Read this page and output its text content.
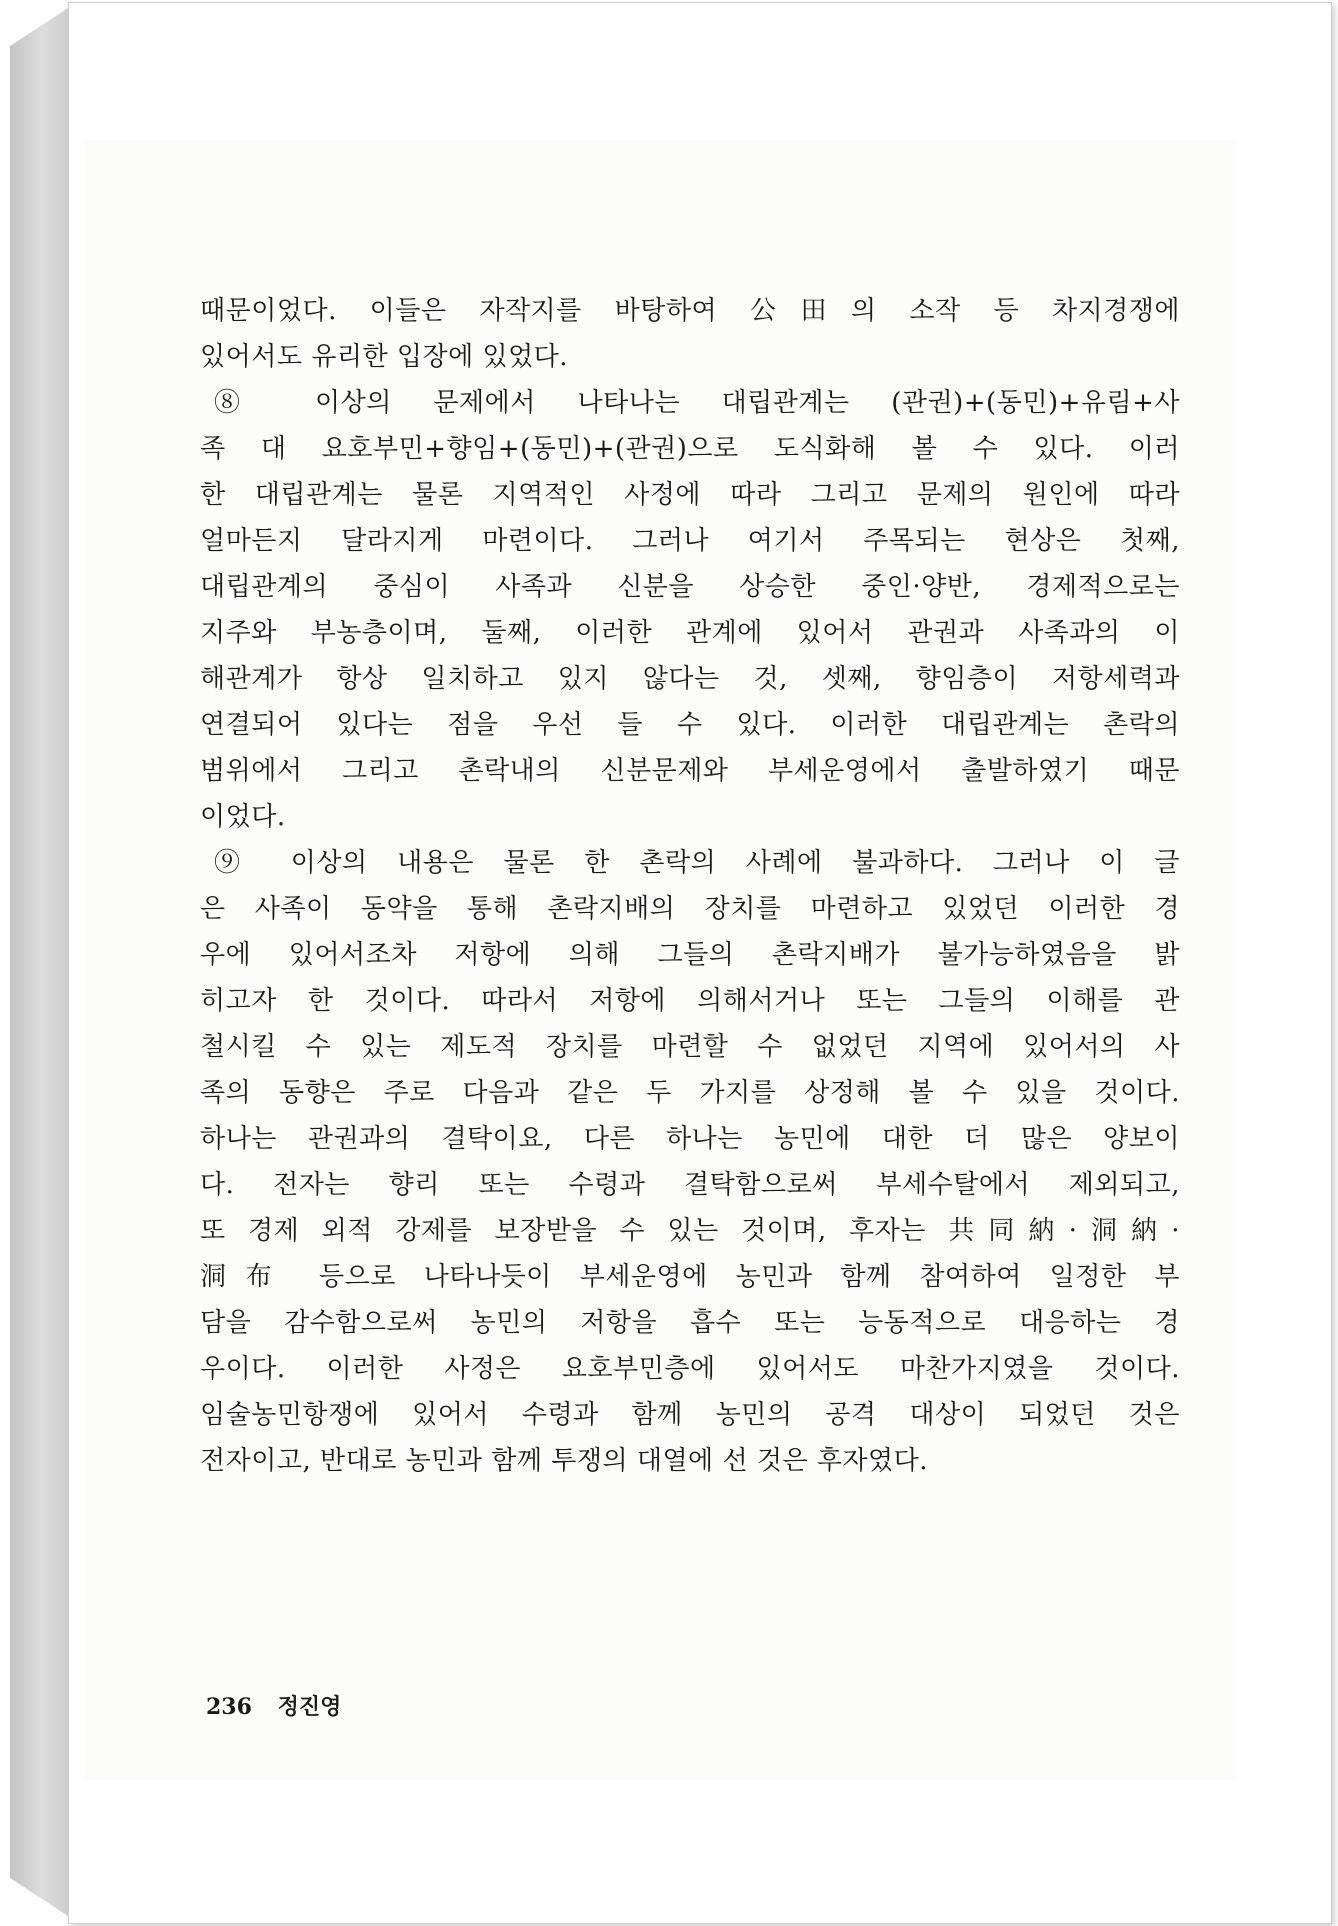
때문이었다. 이들은 자작지를 바탕하여 公田의 소작 등 차지경쟁에
있어서도 유리한 입장에 있었다.
⑧ 이상의 문제에서 나타나는 대립관계는 (관권)+(동민)+유림+사
족 대 요호부민+향임+(동민)+(관권)으로 도식화해 볼 수 있다. 이러
한 대립관계는 물론 지역적인 사정에 따라 그리고 문제의 원인에 따라
얼마든지 달라지게 마련이다. 그러나 여기서 주목되는 현상은 첫째,
대립관계의 중심이 사족과 신분을 상승한 중인·양반, 경제적으로는
지주와 부농층이며, 둘째, 이러한 관계에 있어서 관권과 사족과의 이
해관계가 항상 일치하고 있지 않다는 것, 셋째, 향임층이 저항세력과
연결되어 있다는 점을 우선 들 수 있다. 이러한 대립관계는 촌락의
범위에서 그리고 촌락내의 신분문제와 부세운영에서 출발하였기 때문
이었다.
⑨ 이상의 내용은 물론 한 촌락의 사례에 불과하다. 그러나 이 글
은 사족이 동약을 통해 촌락지배의 장치를 마련하고 있었던 이러한 경
우에 있어서조차 저항에 의해 그들의 촌락지배가 불가능하였음을 밝
히고자 한 것이다. 따라서 저항에 의해서거나 또는 그들의 이해를 관
철시킬 수 있는 제도적 장치를 마련할 수 없었던 지역에 있어서의 사
족의 동향은 주로 다음과 같은 두 가지를 상정해 볼 수 있을 것이다.
하나는 관권과의 결탁이요, 다른 하나는 농민에 대한 더 많은 양보이
다. 전자는 향리 또는 수령과 결탁함으로써 부세수탈에서 제외되고,
또 경제 외적 강제를 보장받을 수 있는 것이며, 후자는 共同納·洞納·
洞布 등으로 나타나듯이 부세운영에 농민과 함께 참여하여 일정한 부
담을 감수함으로써 농민의 저항을 흡수 또는 능동적으로 대응하는 경
우이다. 이러한 사정은 요호부민층에 있어서도 마찬가지였을 것이다.
임술농민항쟁에 있어서 수령과 함께 농민의 공격 대상이 되었던 것은
전자이고, 반대로 농민과 함께 투쟁의 대열에 선 것은 후자였다.
236 정진영
